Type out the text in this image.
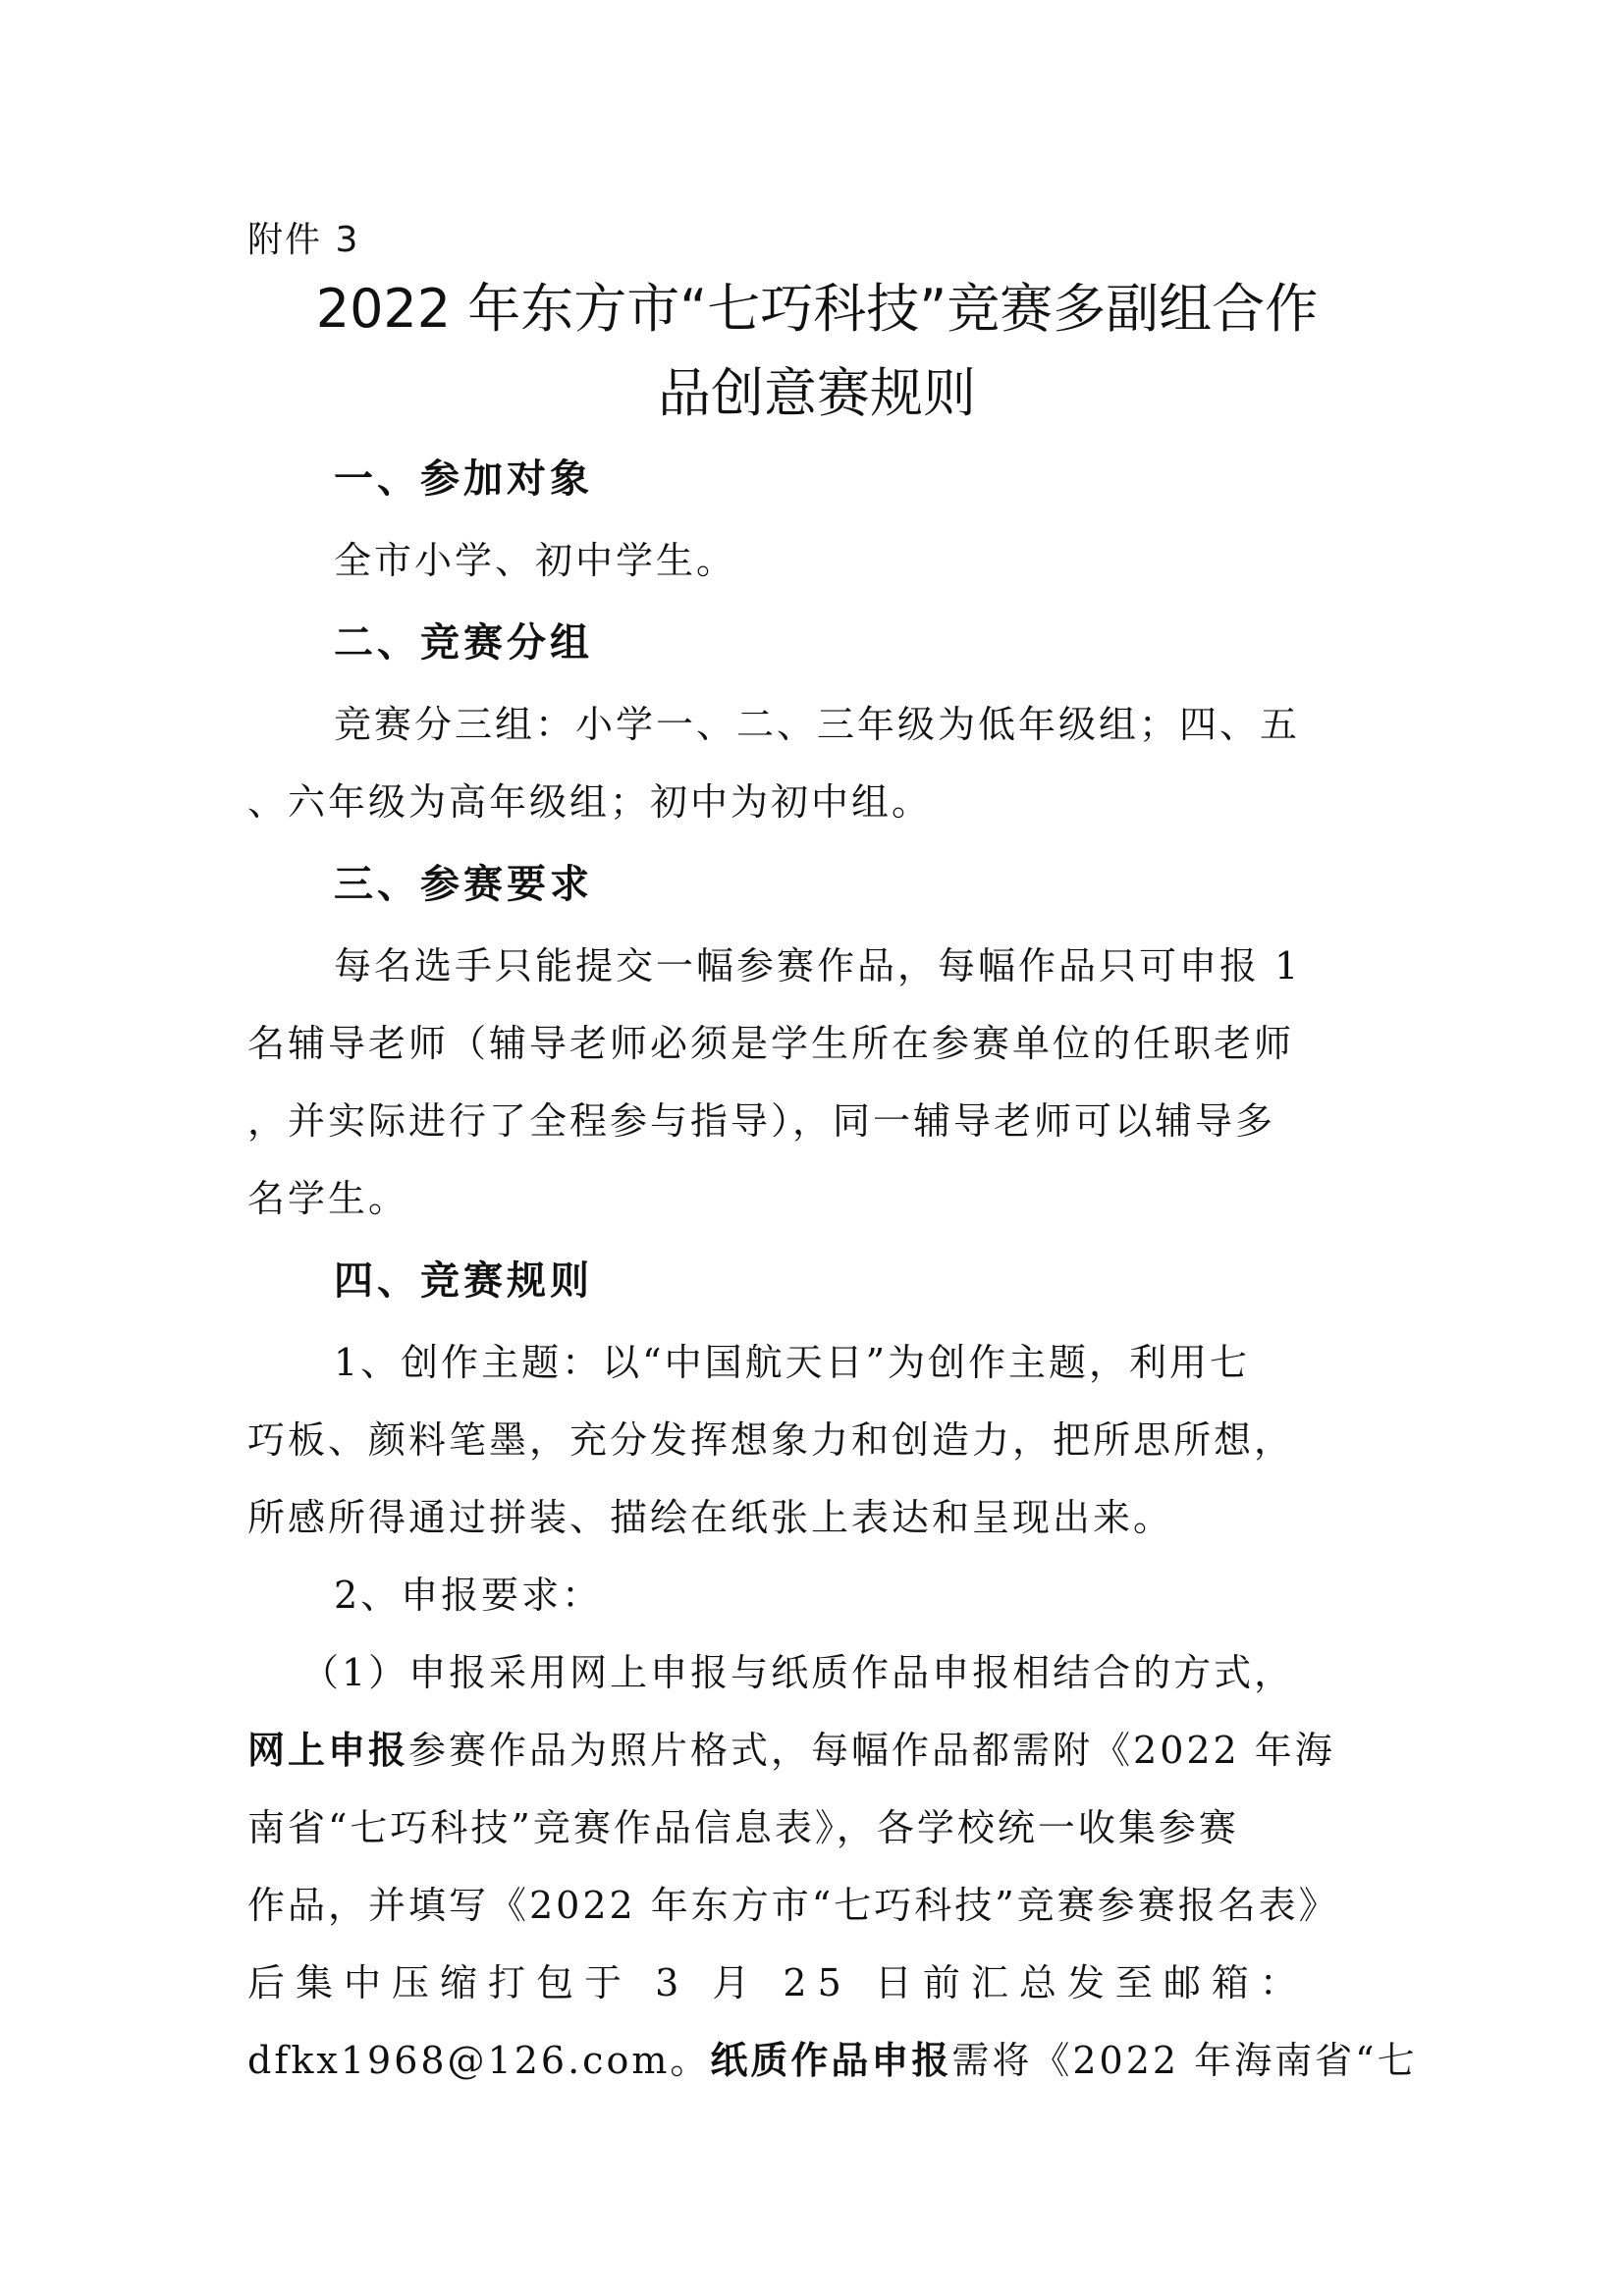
附件 3
2022 年东方市“七巧科技”竞赛多副组合作
品创意赛规则
一、参加对象

全市小学、初中学生。

二、竞赛分组

竞赛分三组：小学一、二、三年级为低年级组；四、五
、六年级为高年级组；初中为初中组。

三、参赛要求

每名选手只能提交一幅参赛作品，每幅作品只可申报 1
名辅导老师（辅导老师必须是学生所在参赛单位的任职老师
，并实际进行了全程参与指导），同一辅导老师可以辅导多
名学生。

四、竞赛规则

1、创作主题：以“中国航天日”为创作主题，利用七
巧板、颜料笔墨，充分发挥想象力和创造力，把所思所想，
所感所得通过拼装、描绘在纸张上表达和呈现出来。

2、申报要求：

（1）申报采用网上申报与纸质作品申报相结合的方式，
网上申报参赛作品为照片格式，每幅作品都需附《2022 年海
南省“七巧科技”竞赛作品信息表》，各学校统一收集参赛
作品，并填写《2022 年东方市“七巧科技”竞赛参赛报名表》
后集中压缩打包于 3 月 25 日前汇总发至邮箱：
dfkx1968@126.com。纸质作品申报需将《2022 年海南省“七
